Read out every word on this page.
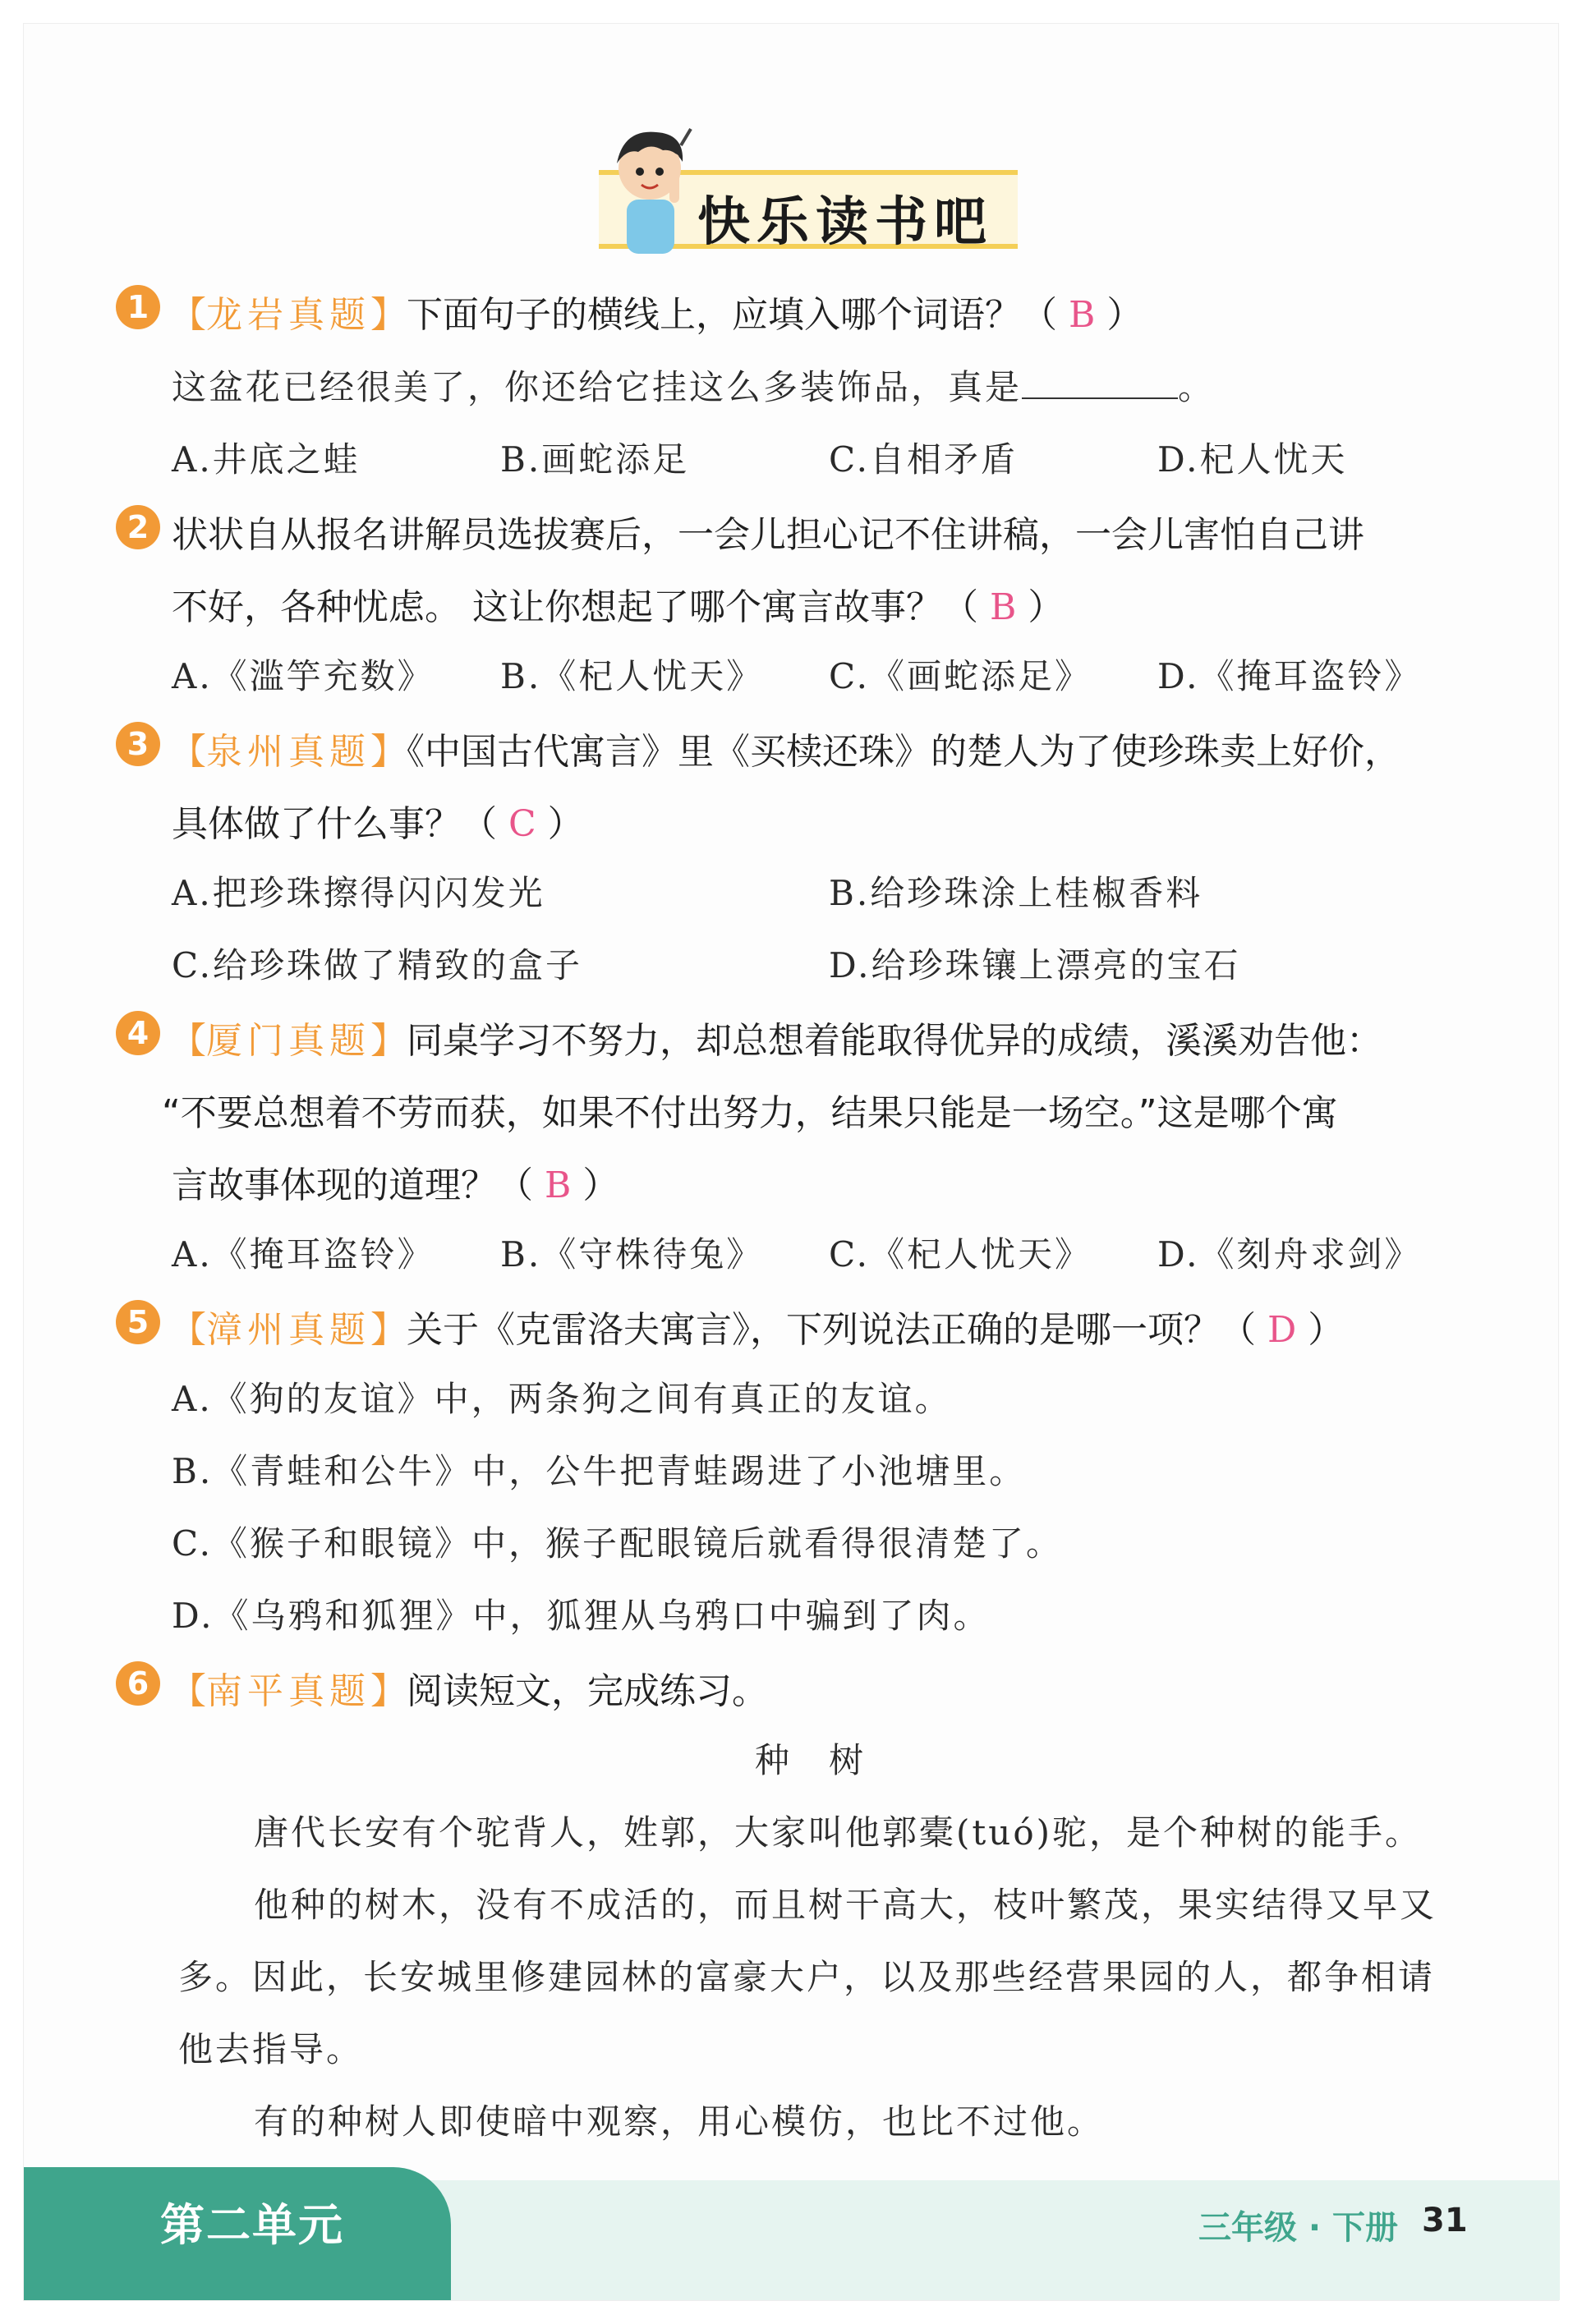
快乐读书吧
1 【龙岩真题】下面句子的横线上，应填入哪个词语？（ B ）
这盆花已经很美了，你还给它挂这么多装饰品，真是	。
A.井底之蛙	B.画蛇添足	C.自相矛盾	D.杞人忧天
2 状状自从报名讲解员选拔赛后，一会儿担心记不住讲稿，一会儿害怕自己讲
不好，各种忧虑。 这让你想起了哪个寓言故事？（ B ）
A.《滥竽充数》 B.《杞人忧天》 C.《画蛇添足》 D.《掩耳盗铃》
3 【泉州真题】《中国古代寓言》里《买椟还珠》的楚人为了使珍珠卖上好价，
具体做了什么事？（ C ）
A.把珍珠擦得闪闪发光	B.给珍珠涂上桂椒香料
C.给珍珠做了精致的盒子	D.给珍珠镶上漂亮的宝石
4 【厦门真题】同桌学习不努力，却总想着能取得优异的成绩，溪溪劝告他：
“不要总想着不劳而获，如果不付出努力，结果只能是一场空。”这是哪个寓
言故事体现的道理？（ B ）
A.《掩耳盗铃》 B.《守株待兔》 C.《杞人忧天》 D.《刻舟求剑》
5 【漳州真题】关于《克雷洛夫寓言》，下列说法正确的是哪一项？（ D ）
A.《狗的友谊》中，两条狗之间有真正的友谊。
B.《青蛙和公牛》中，公牛把青蛙踢进了小池塘里。
C.《猴子和眼镜》中，猴子配眼镜后就看得很清楚了。
D.《乌鸦和狐狸》中，狐狸从乌鸦口中骗到了肉。
6 【南平真题】阅读短文，完成练习。
种　树
唐代长安有个驼背人，姓郭，大家叫他郭橐(tuó)驼，是个种树的能手。
他种的树木，没有不成活的，而且树干高大，枝叶繁茂，果实结得又早又
多。因此，长安城里修建园林的富豪大户，以及那些经营果园的人，都争相请
他去指导。
有的种树人即使暗中观察，用心模仿，也比不过他。
第二单元	三年级 · 下册 31
